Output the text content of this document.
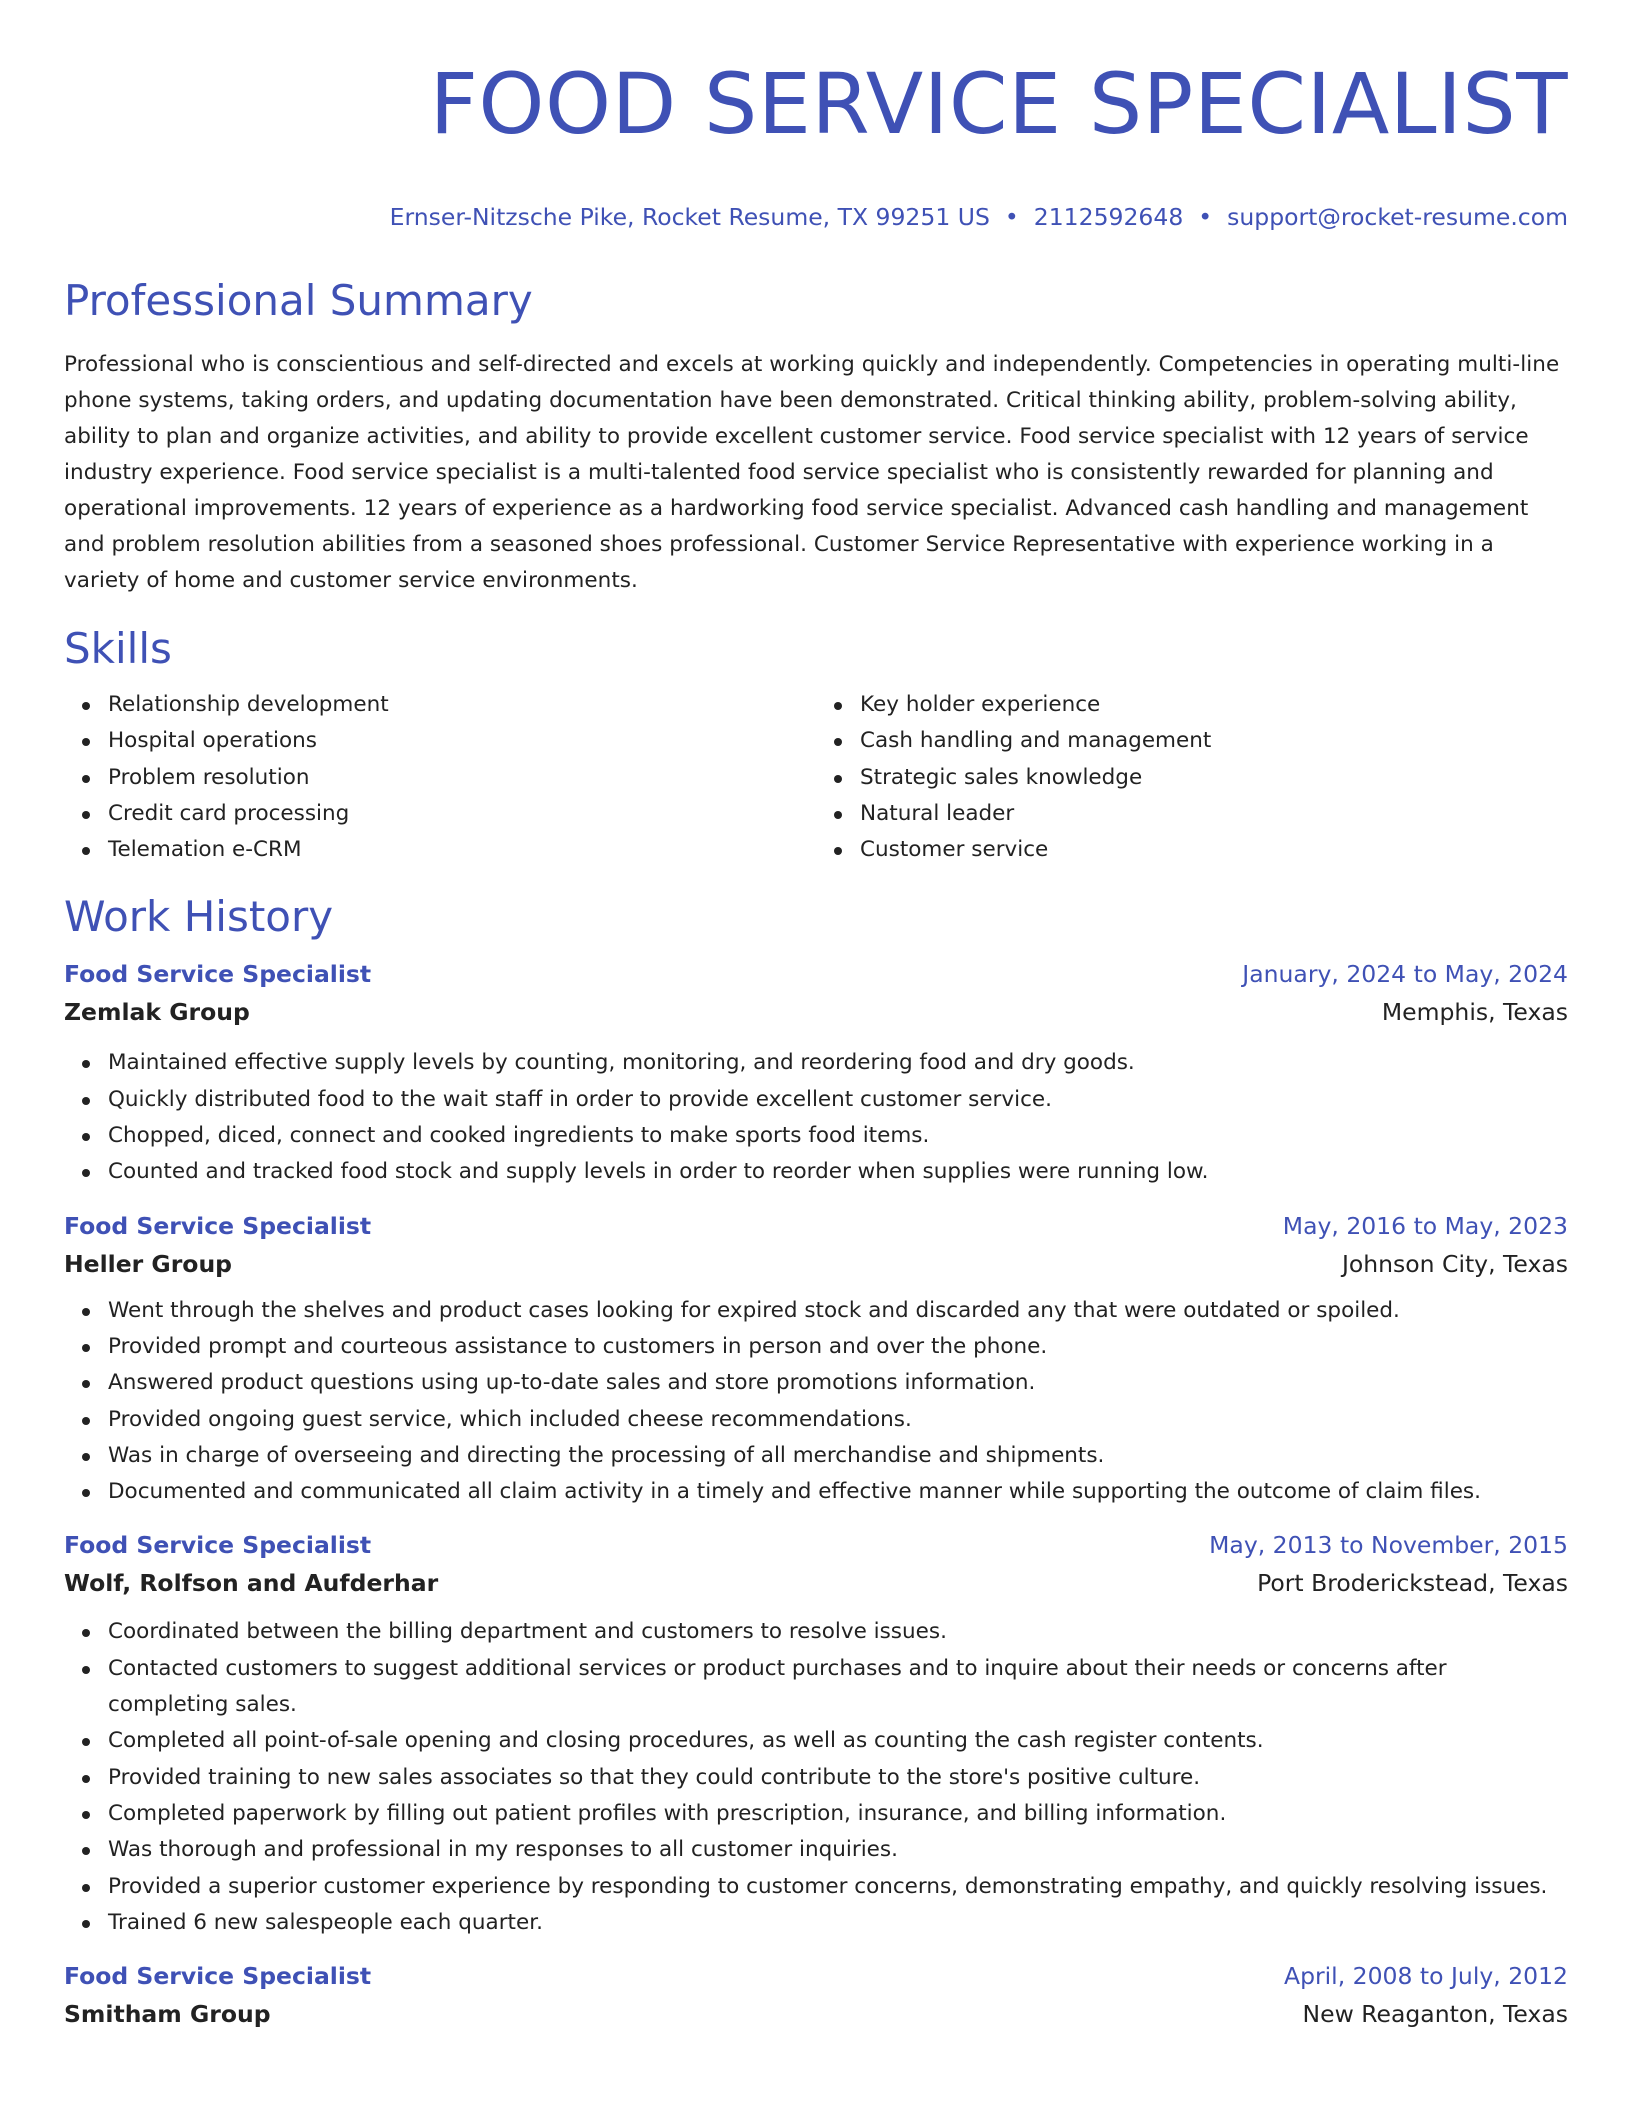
FOOD SERVICE SPECIALIST
Ernser-Nitzsche Pike, Rocket Resume, TX 99251 US • 2112592648 • support@rocket-resume.com
Professional Summary

Professional who is conscientious and self-directed and excels at working quickly and independently. Competencies in operating multi-line phone systems, taking orders, and updating documentation have been demonstrated. Critical thinking ability, problem-solving ability, ability to plan and organize activities, and ability to provide excellent customer service. Food service specialist with 12 years of service industry experience. Food service specialist is a multi-talented food service specialist who is consistently rewarded for planning and operational improvements. 12 years of experience as a hardworking food service specialist. Advanced cash handling and management and problem resolution abilities from a seasoned shoes professional. Customer Service Representative with experience working in a variety of home and customer service environments.

Skills
Relationship development
Hospital operations
Problem resolution
Credit card processing
Telemation e-CRM
Key holder experience
Cash handling and management
Strategic sales knowledge
Natural leader
Customer service
Work History
Food Service Specialist	January, 2024 to May, 2024
Zemlak Group	Memphis, Texas
Maintained effective supply levels by counting, monitoring, and reordering food and dry goods.
Quickly distributed food to the wait staff in order to provide excellent customer service.
Chopped, diced, connect and cooked ingredients to make sports food items.
Counted and tracked food stock and supply levels in order to reorder when supplies were running low.
Food Service Specialist	May, 2016 to May, 2023
Heller Group	Johnson City, Texas
Went through the shelves and product cases looking for expired stock and discarded any that were outdated or spoiled.
Provided prompt and courteous assistance to customers in person and over the phone.
Answered product questions using up-to-date sales and store promotions information.
Provided ongoing guest service, which included cheese recommendations.
Was in charge of overseeing and directing the processing of all merchandise and shipments.
Documented and communicated all claim activity in a timely and effective manner while supporting the outcome of claim files.
Food Service Specialist	May, 2013 to November, 2015
Wolf, Rolfson and Aufderhar	Port Broderickstead, Texas
Coordinated between the billing department and customers to resolve issues.
Contacted customers to suggest additional services or product purchases and to inquire about their needs or concerns after completing sales.
Completed all point-of-sale opening and closing procedures, as well as counting the cash register contents.
Provided training to new sales associates so that they could contribute to the store's positive culture.
Completed paperwork by filling out patient profiles with prescription, insurance, and billing information.
Was thorough and professional in my responses to all customer inquiries.
Provided a superior customer experience by responding to customer concerns, demonstrating empathy, and quickly resolving issues.
Trained 6 new salespeople each quarter.
Food Service Specialist	April, 2008 to July, 2012
Smitham Group	New Reaganton, Texas
